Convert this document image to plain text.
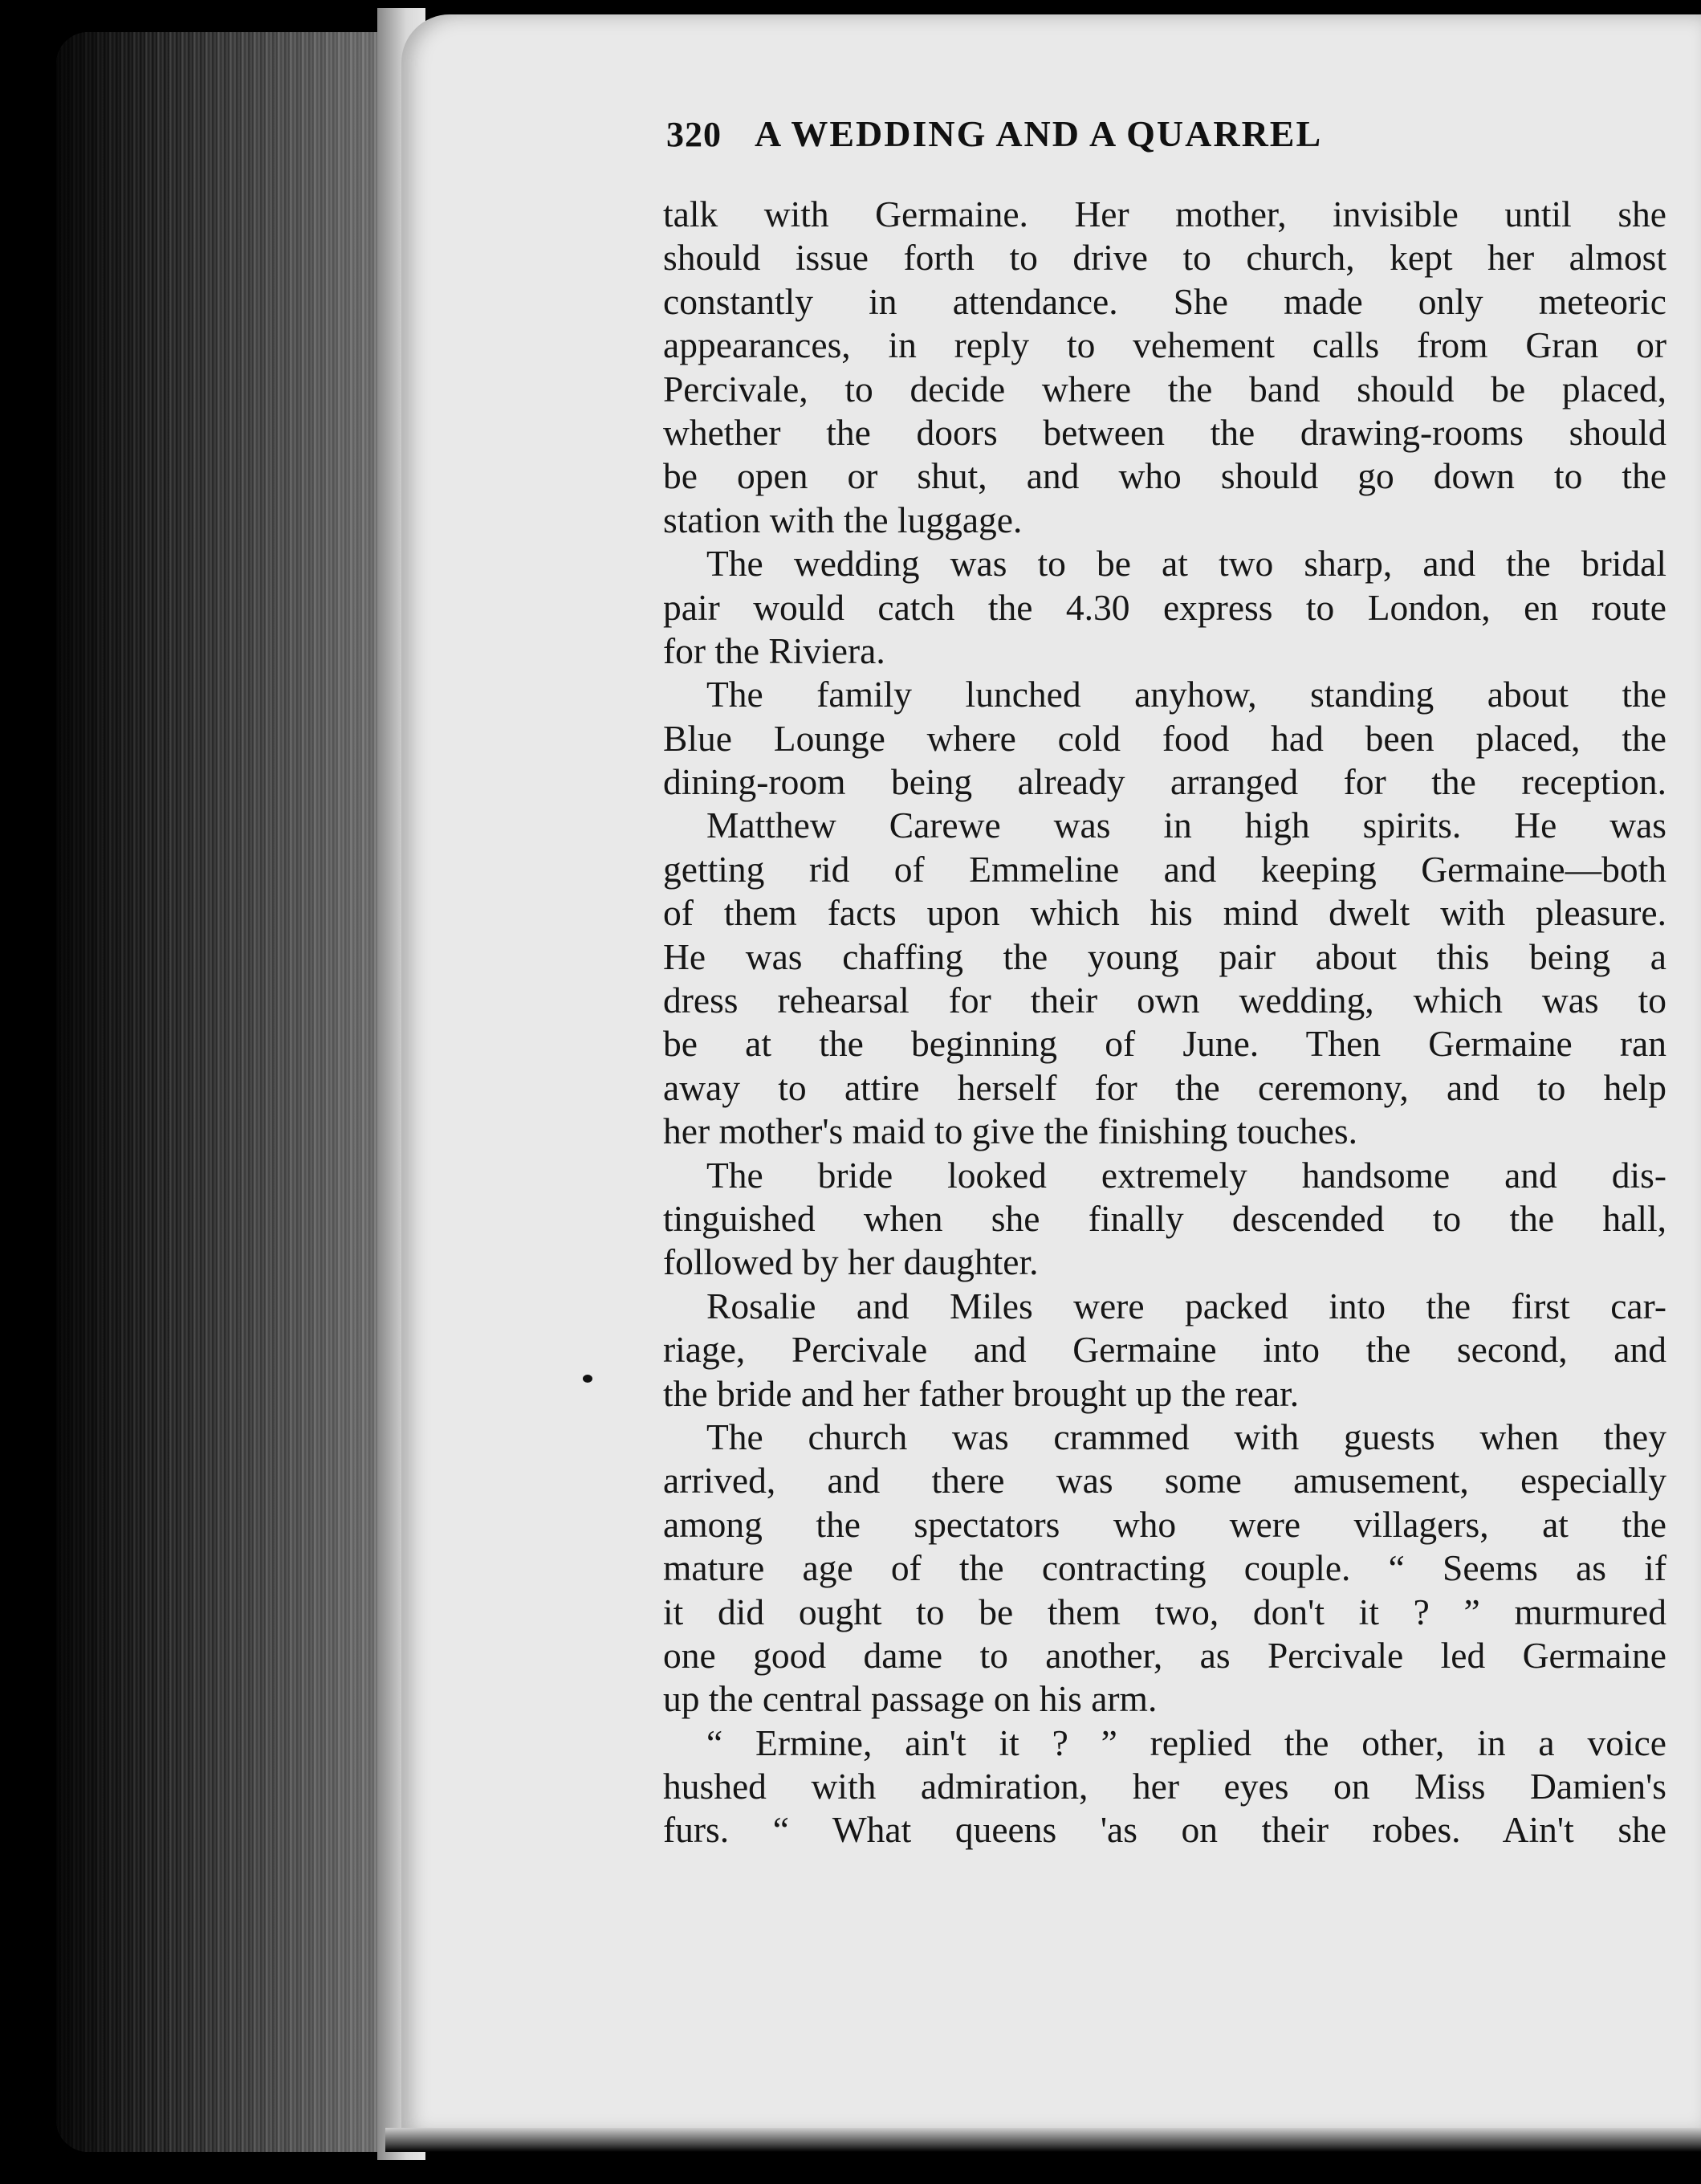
320 A WEDDING AND A QUARREL
talk with Germaine. Her mother, invisible until she
should issue forth to drive to church, kept her almost
constantly in attendance. She made only meteoric
appearances, in reply to vehement calls from Gran or
Percivale, to decide where the band should be placed,
whether the doors between the drawing-rooms should
be open or shut, and who should go down to the
station with the luggage.
The wedding was to be at two sharp, and the bridal
pair would catch the 4.30 express to London, en route
for the Riviera.
The family lunched anyhow, standing about the
Blue Lounge where cold food had been placed, the
dining-room being already arranged for the reception.
Matthew Carewe was in high spirits. He was
getting rid of Emmeline and keeping Germaine—both
of them facts upon which his mind dwelt with pleasure.
He was chaffing the young pair about this being a
dress rehearsal for their own wedding, which was to
be at the beginning of June. Then Germaine ran
away to attire herself for the ceremony, and to help
her mother's maid to give the finishing touches.
The bride looked extremely handsome and dis-
tinguished when she finally descended to the hall,
followed by her daughter.
Rosalie and Miles were packed into the first car-
riage, Percivale and Germaine into the second, and
the bride and her father brought up the rear.
The church was crammed with guests when they
arrived, and there was some amusement, especially
among the spectators who were villagers, at the
mature age of the contracting couple. “ Seems as if
it did ought to be them two, don't it ? ” murmured
one good dame to another, as Percivale led Germaine
up the central passage on his arm.
“ Ermine, ain't it ? ” replied the other, in a voice
hushed with admiration, her eyes on Miss Damien's
furs. “ What queens 'as on their robes. Ain't she
